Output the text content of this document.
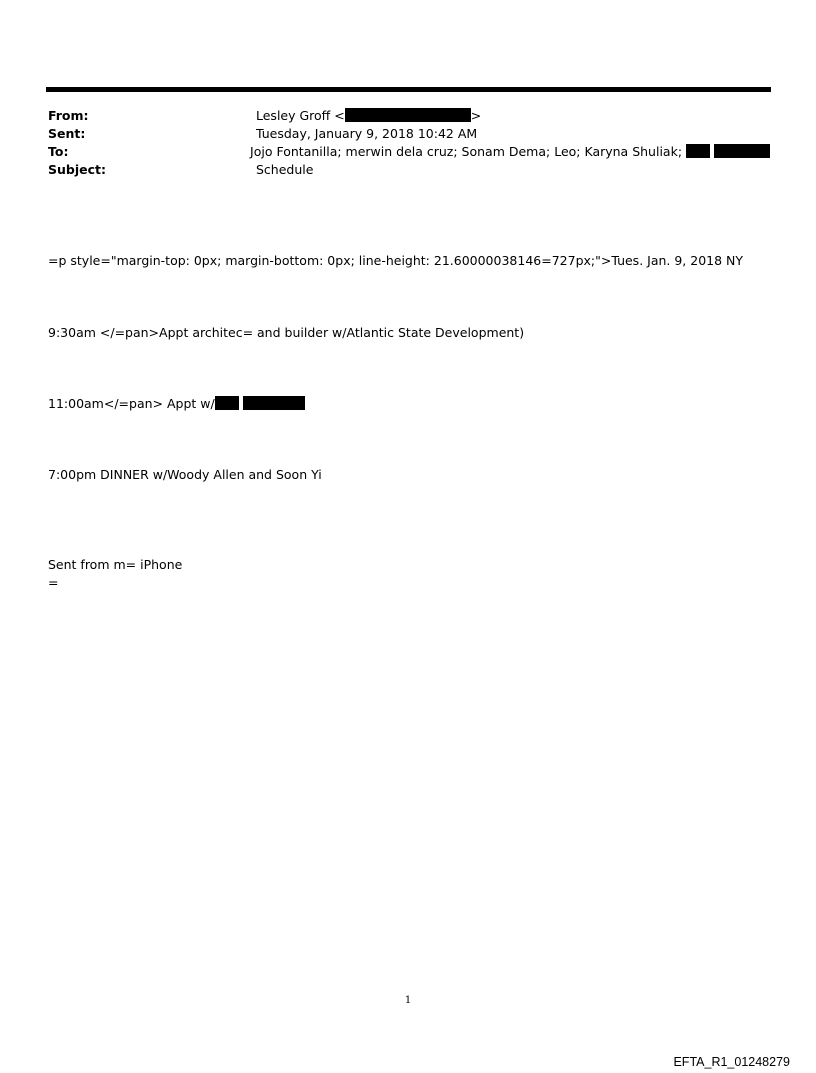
From:	Lesley Groff <	>
Sent:	Tuesday, January 9, 2018 10:42 AM
To:	Jojo Fontanilla; merwin dela cruz; Sonam Dema; Leo; Karyna Shuliak;
Subject:	Schedule
=p style="margin-top: 0px; margin-bottom: 0px; line-height: 21.60000038146=727px;">Tues. Jan. 9, 2018 NY
9:30am </=pan>Appt architec= and builder w/Atlantic State Development)
11:00am</=pan> Appt w/
7:00pm DINNER w/Woody Allen and Soon Yi
Sent from m= iPhone
=
1
EFTA_R1_01248279
